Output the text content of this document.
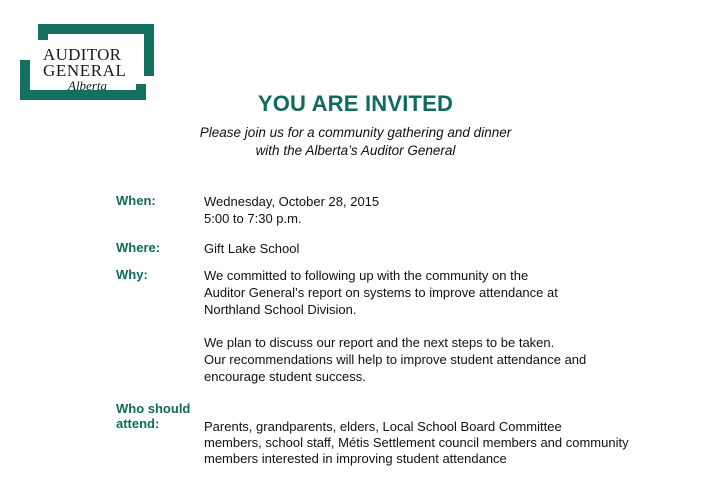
AUDITOR
GENERAL
Alberta
YOU ARE INVITED
Please join us for a community gathering and dinner
with the Alberta’s Auditor General
When:	Wednesday, October 28, 2015
5:00 to 7:30 p.m.
Where:	Gift Lake School
Why:	We committed to following up with the community on the
Auditor General’s report on systems to improve attendance at
Northland School Division.
We plan to discuss our report and the next steps to be taken.
Our recommendations will help to improve student attendance and
encourage student success.
Who should
attend:	Parents, grandparents, elders, Local School Board Committee
members, school staff, Métis Settlement council members and community
members interested in improving student attendance
